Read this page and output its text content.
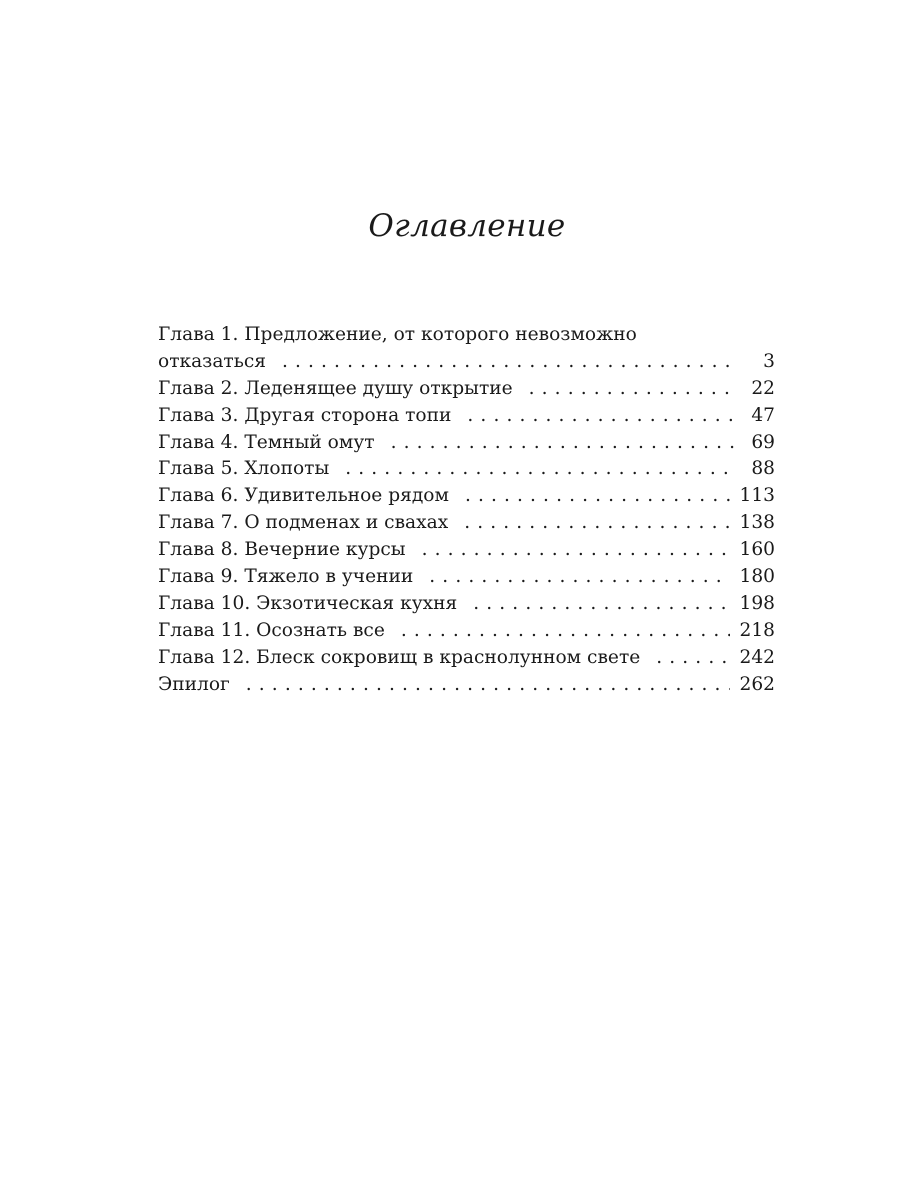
Оглавление
Глава 1. Предложение, от которого невозможно
отказаться . . .	3
Глава 2. Леденящее душу открытие . . .	22
Глава 3. Другая сторона топи . . .	47
Глава 4. Темный омут . . .	69
Глава 5. Хлопоты . . .	88
Глава 6. Удивительное рядом . . .	113
Глава 7. О подменах и свахах . . .	138
Глава 8. Вечерние курсы . . .	160
Глава 9. Тяжело в учении . . .	180
Глава 10. Экзотическая кухня . . .	198
Глава 11. Осознать все . . .	218
Глава 12. Блеск сокровищ в краснолунном свете . . .	242
Эпилог . . .	262
